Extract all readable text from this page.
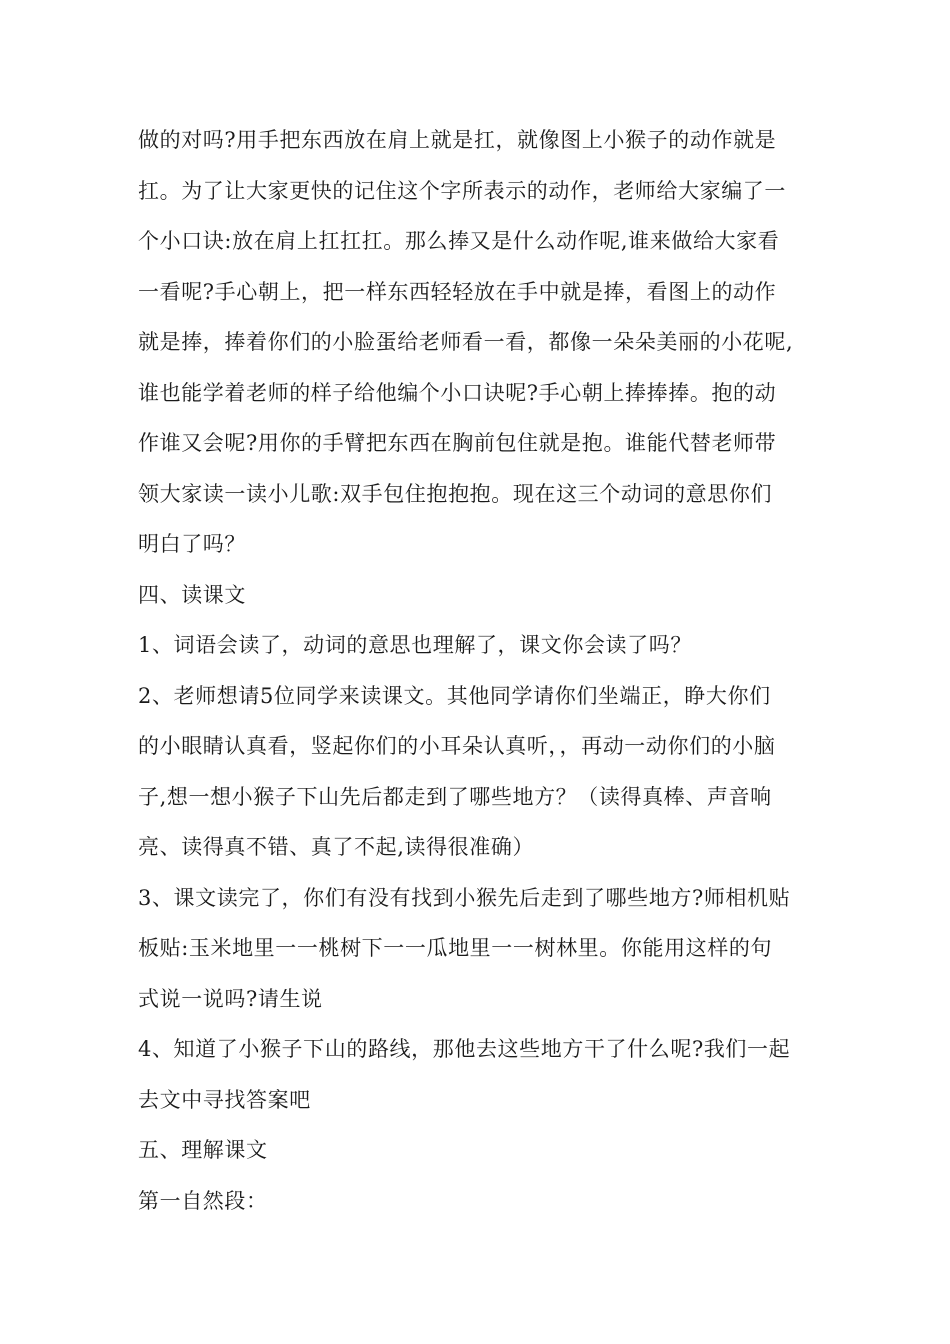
做的对吗?用手把东西放在肩上就是扛，就像图上小猴子的动作就是
扛。为了让大家更快的记住这个字所表示的动作，老师给大家编了一
个小口诀:放在肩上扛扛扛。那么捧又是什么动作呢,谁来做给大家看
一看呢?手心朝上，把一样东西轻轻放在手中就是捧，看图上的动作
就是捧，捧着你们的小脸蛋给老师看一看，都像一朵朵美丽的小花呢,
谁也能学着老师的样子给他编个小口诀呢?手心朝上捧捧捧。抱的动
作谁又会呢?用你的手臂把东西在胸前包住就是抱。谁能代替老师带
领大家读一读小儿歌:双手包住抱抱抱。现在这三个动词的意思你们
明白了吗？
四、读课文
1、词语会读了，动词的意思也理解了，课文你会读了吗？
2、老师想请5位同学来读课文。其他同学请你们坐端正，睁大你们
的小眼睛认真看，竖起你们的小耳朵认真听，，再动一动你们的小脑
子,想一想小猴子下山先后都走到了哪些地方？（读得真棒、声音响
亮、读得真不错、真了不起,读得很准确）
3、课文读完了，你们有没有找到小猴先后走到了哪些地方?师相机贴
板贴:玉米地里一一桃树下一一瓜地里一一树林里。你能用这样的句
式说一说吗?请生说
4、知道了小猴子下山的路线，那他去这些地方干了什么呢?我们一起
去文中寻找答案吧
五、理解课文
第一自然段：
